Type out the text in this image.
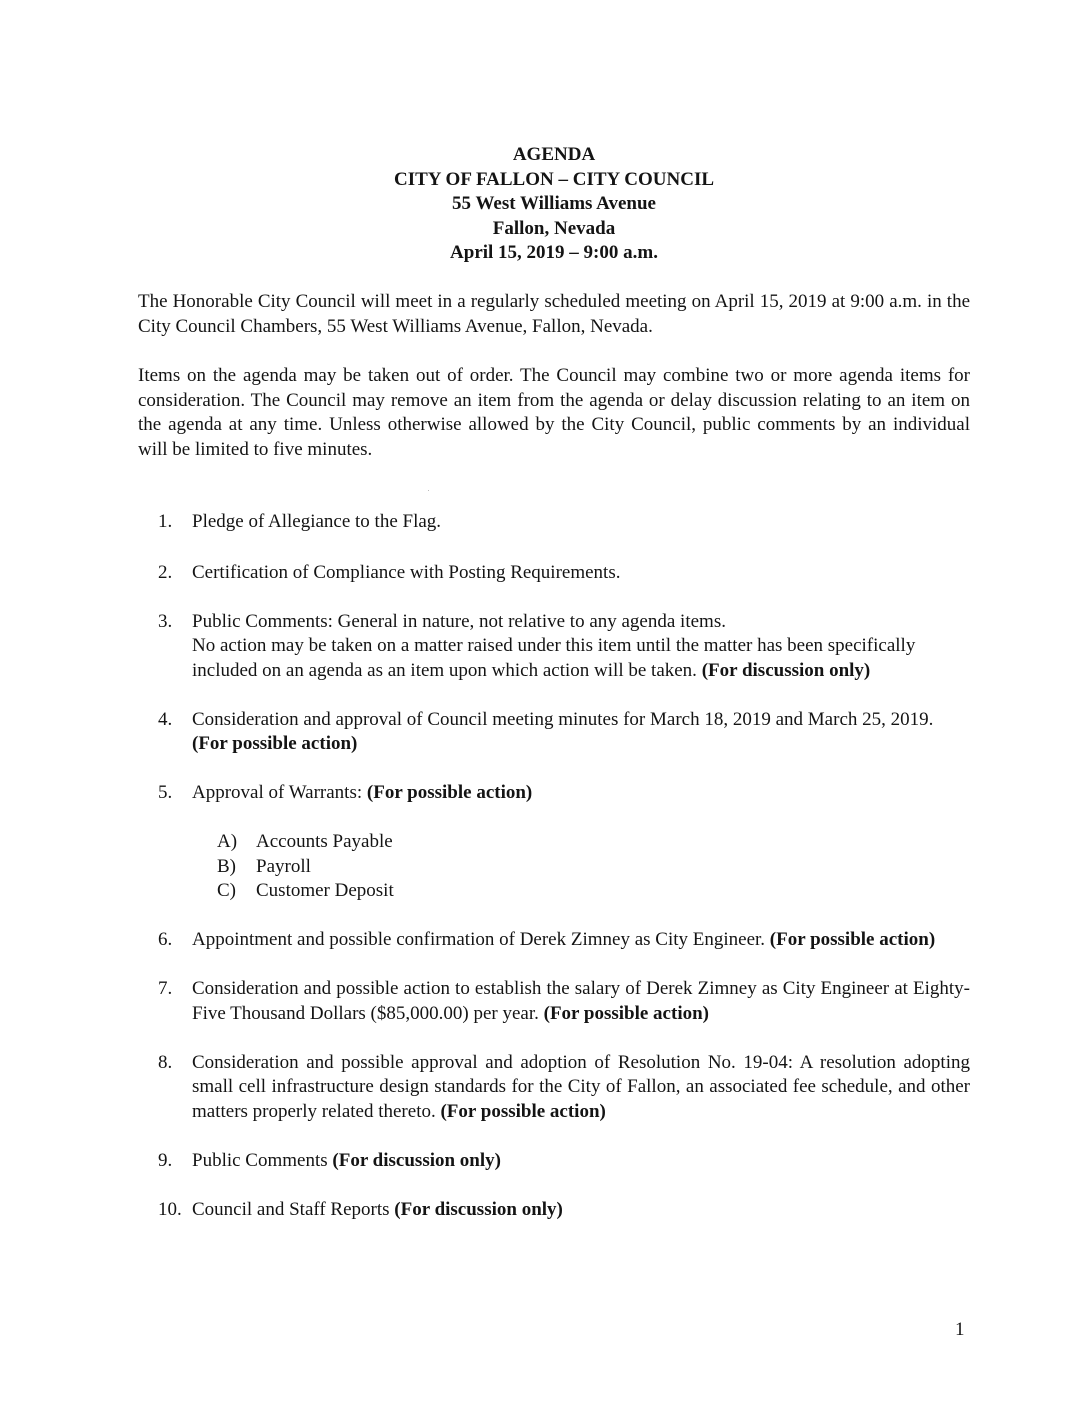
AGENDA
CITY OF FALLON – CITY COUNCIL
55 West Williams Avenue
Fallon, Nevada
April 15, 2019 – 9:00 a.m.
The Honorable City Council will meet in a regularly scheduled meeting on April 15, 2019 at 9:00 a.m. in the City Council Chambers, 55 West Williams Avenue, Fallon, Nevada.
Items on the agenda may be taken out of order. The Council may combine two or more agenda items for consideration. The Council may remove an item from the agenda or delay discussion relating to an item on the agenda at any time. Unless otherwise allowed by the City Council, public comments by an individual will be limited to five minutes.
1. Pledge of Allegiance to the Flag.
2. Certification of Compliance with Posting Requirements.
3. Public Comments: General in nature, not relative to any agenda items.
No action may be taken on a matter raised under this item until the matter has been specifically included on an agenda as an item upon which action will be taken. (For discussion only)
4. Consideration and approval of Council meeting minutes for March 18, 2019 and March 25, 2019. (For possible action)
5. Approval of Warrants: (For possible action)
A) Accounts Payable
B) Payroll
C) Customer Deposit
6. Appointment and possible confirmation of Derek Zimney as City Engineer. (For possible action)
7. Consideration and possible action to establish the salary of Derek Zimney as City Engineer at Eighty-Five Thousand Dollars ($85,000.00) per year. (For possible action)
8. Consideration and possible approval and adoption of Resolution No. 19-04: A resolution adopting small cell infrastructure design standards for the City of Fallon, an associated fee schedule, and other matters properly related thereto. (For possible action)
9. Public Comments (For discussion only)
10. Council and Staff Reports (For discussion only)
1
